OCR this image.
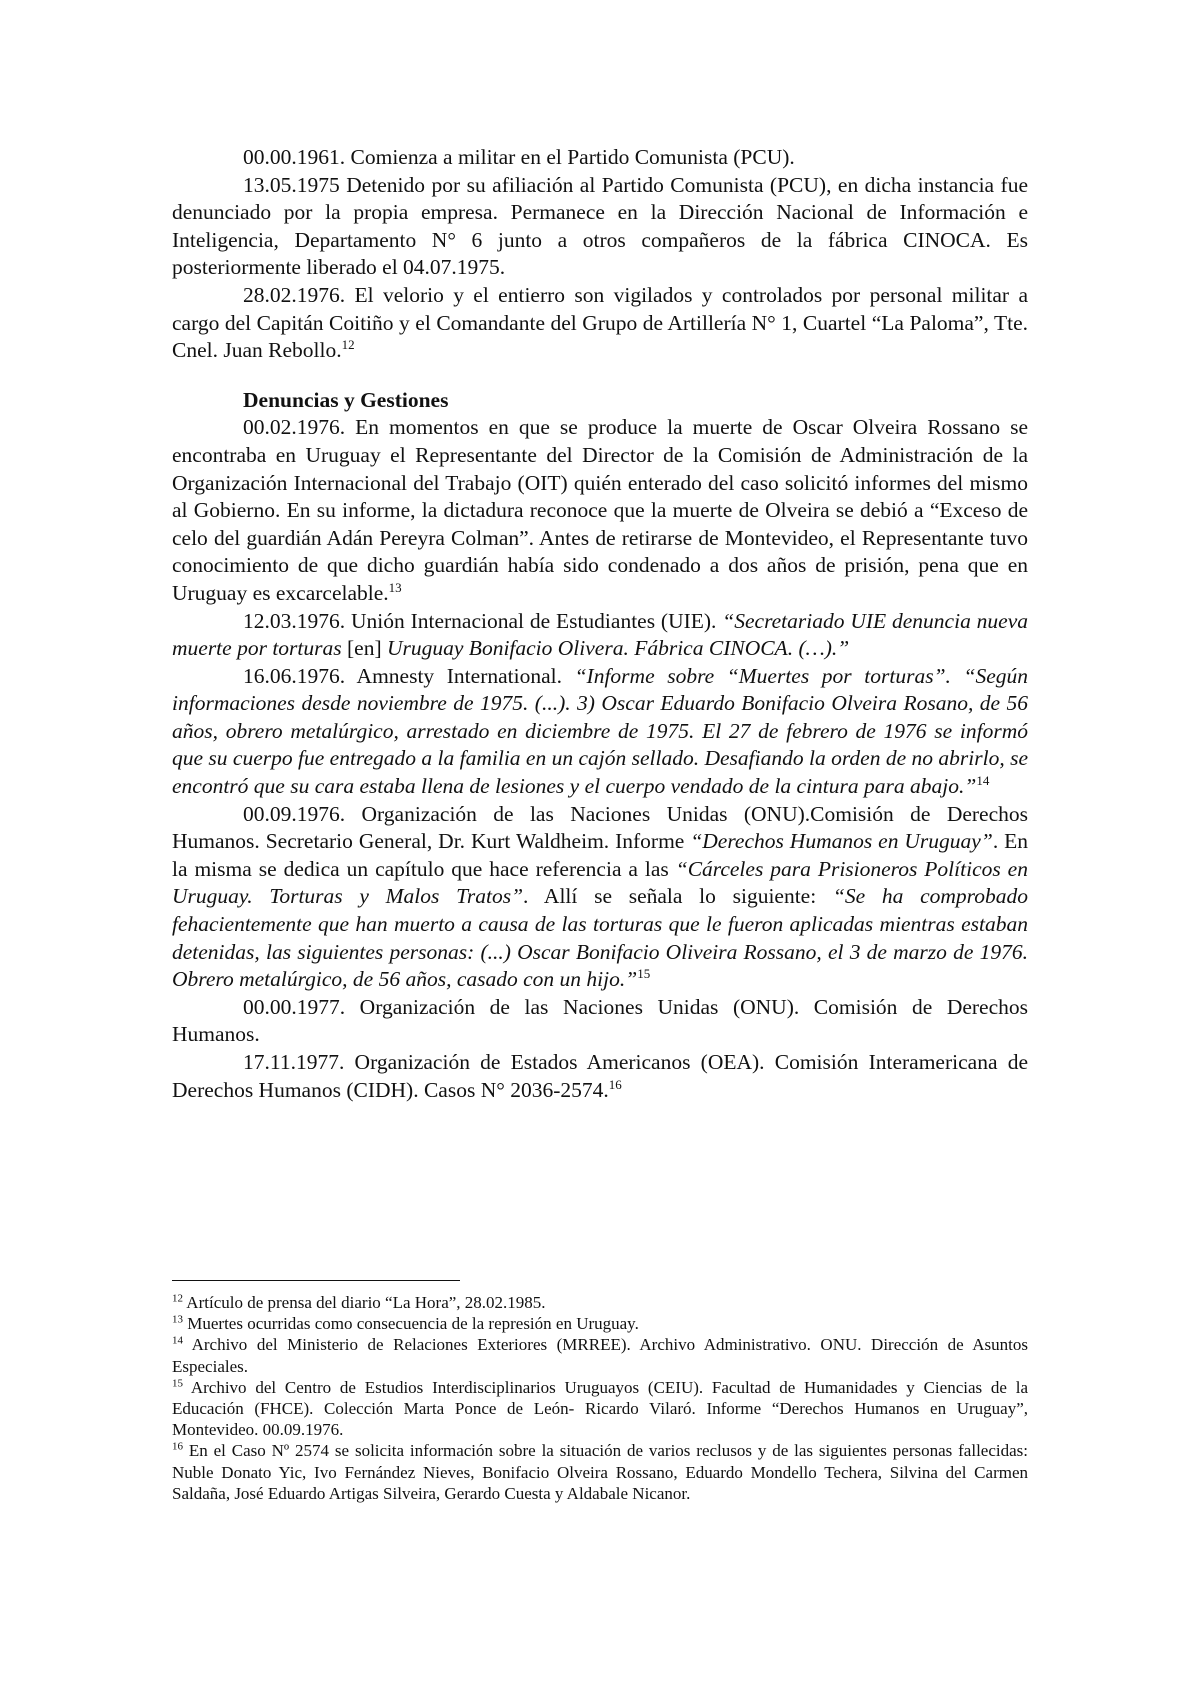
00.00.1961. Comienza a militar en el Partido Comunista (PCU).

13.05.1975 Detenido por su afiliación al Partido Comunista (PCU), en dicha instancia fue denunciado por la propia empresa. Permanece en la Dirección Nacional de Información e Inteligencia, Departamento N° 6 junto a otros compañeros de la fábrica CINOCA. Es posteriormente liberado el 04.07.1975.

28.02.1976. El velorio y el entierro son vigilados y controlados por personal militar a cargo del Capitán Coitiño y el Comandante del Grupo de Artillería N° 1, Cuartel “La Paloma”, Tte. Cnel. Juan Rebollo.$^{12}$

Denuncias y Gestiones

00.02.1976. En momentos en que se produce la muerte de Oscar Olveira Rossano se encontraba en Uruguay el Representante del Director de la Comisión de Administración de la Organización Internacional del Trabajo (OIT) quién enterado del caso solicitó informes del mismo al Gobierno. En su informe, la dictadura reconoce que la muerte de Olveira se debió a “Exceso de celo del guardián Adán Pereyra Colman”. Antes de retirarse de Montevideo, el Representante tuvo conocimiento de que dicho guardián había sido condenado a dos años de prisión, pena que en Uruguay es excarcelable.$^{13}$

12.03.1976. Unión Internacional de Estudiantes (UIE). “Secretariado UIE denuncia nueva muerte por torturas [en] Uruguay Bonifacio Olivera. Fábrica CINOCA. (…).”

16.06.1976. Amnesty International. “Informe sobre “Muertes por torturas”. “Según informaciones desde noviembre de 1975. (...). 3) Oscar Eduardo Bonifacio Olveira Rosano, de 56 años, obrero metalúrgico, arrestado en diciembre de 1975. El 27 de febrero de 1976 se informó que su cuerpo fue entregado a la familia en un cajón sellado. Desafiando la orden de no abrirlo, se encontró que su cara estaba llena de lesiones y el cuerpo vendado de la cintura para abajo.”$^{14}$

00.09.1976. Organización de las Naciones Unidas (ONU).Comisión de Derechos Humanos. Secretario General, Dr. Kurt Waldheim. Informe “Derechos Humanos en Uruguay”. En la misma se dedica un capítulo que hace referencia a las “Cárceles para Prisioneros Políticos en Uruguay. Torturas y Malos Tratos”. Allí se señala lo siguiente: “Se ha comprobado fehacientemente que han muerto a causa de las torturas que le fueron aplicadas mientras estaban detenidas, las siguientes personas: (...) Oscar Bonifacio Oliveira Rossano, el 3 de marzo de 1976. Obrero metalúrgico, de 56 años, casado con un hijo.”$^{15}$

00.00.1977. Organización de las Naciones Unidas (ONU). Comisión de Derechos Humanos.

17.11.1977. Organización de Estados Americanos (OEA). Comisión Interamericana de Derechos Humanos (CIDH). Casos N° 2036-2574.16

$^{12}$ Artículo de prensa del diario “La Hora”, 28.02.1985.

$^{13}$ Muertes ocurridas como consecuencia de la represión en Uruguay.

$^{14}$ Archivo del Ministerio de Relaciones Exteriores (MRREE). Archivo Administrativo. ONU. Dirección de Asuntos Especiales.

$^{15}$ Archivo del Centro de Estudios Interdisciplinarios Uruguayos (CEIU). Facultad de Humanidades y Ciencias de la Educación (FHCE). Colección Marta Ponce de León- Ricardo Vilaró. Informe “Derechos Humanos en Uruguay”, Montevideo. 00.09.1976.

$^{16}$ En el Caso Nº 2574 se solicita información sobre la situación de varios reclusos y de las siguientes personas fallecidas: Nuble Donato Yic, Ivo Fernández Nieves, Bonifacio Olveira Rossano, Eduardo Mondello Techera, Silvina del Carmen Saldaña, José Eduardo Artigas Silveira, Gerardo Cuesta y Aldabale Nicanor.
